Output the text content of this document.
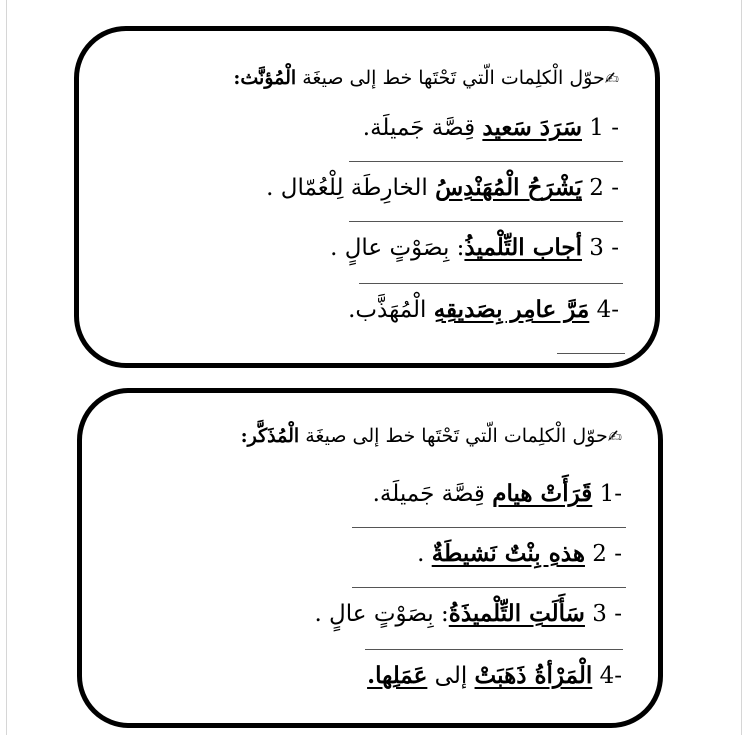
✍حوّل الْكلِمات الّتي تَحْتَها خط إلى صيغَة الْمُؤنَّث:
1 - سَرَدَ سَعيد قِصَّة جَميلَة.
2 - يَشْرَحُ الْمُهَنْدِسُ الخارِطَة لِلْعُمّال .
3 - أجاب التِّلْميذُ: بِصَوْتٍ عالٍ .
4- مَرَّ عامِر بِصَديقِهِ الْمُهَذَّب.
✍حوّل الْكلِمات الّتي تَحْتَها خط إلى صيغَة الْمُذَكَّر:
1- قَرَأَتْ هيام قِصَّة جَميلَة.
2 - هذهِ بِنْتٌ نَشيطَةٌ .
3 - سَأَلَتِ التِّلْميذَةُ: بِصَوْتٍ عالٍ .
4- الْمَرْأةُ ذَهَبَتْ إلى عَمَلِها.
